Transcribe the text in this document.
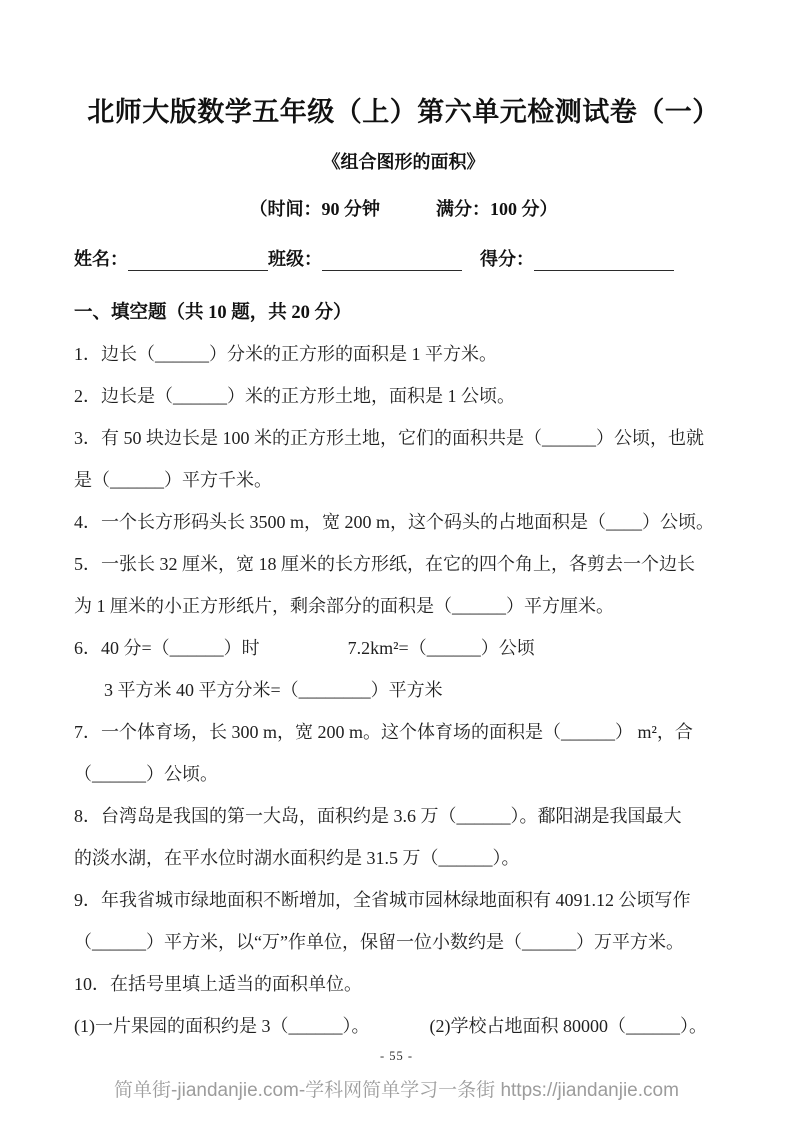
北师大版数学五年级（上）第六单元检测试卷（一）
《组合图形的面积》
（时间：90 分钟	满分：100 分）
姓名：	班级：	得分：
一、填空题（共 10 题，共 20 分）
1．边长（______）分米的正方形的面积是 1 平方米。
2．边长是（______）米的正方形土地，面积是 1 公顷。
3．有 50 块边长是 100 米的正方形土地，它们的面积共是（______）公顷，也就
是（______）平方千米。
4．一个长方形码头长 3500 m，宽 200 m，这个码头的占地面积是（____）公顷。
5．一张长 32 厘米，宽 18 厘米的长方形纸，在它的四个角上，各剪去一个边长
为 1 厘米的小正方形纸片，剩余部分的面积是（______）平方厘米。
6．40 分=（______）时	7.2km²=（______）公顷
3 平方米 40 平方分米=（________）平方米
7．一个体育场，长 300 m，宽 200 m。这个体育场的面积是（______） m²，合
（______）公顷。
8．台湾岛是我国的第一大岛，面积约是 3.6 万（______）。鄱阳湖是我国最大
的淡水湖，在平水位时湖水面积约是 31.5 万（______）。
9．年我省城市绿地面积不断增加，全省城市园林绿地面积有 4091.12 公顷写作
（______）平方米，以“万”作单位，保留一位小数约是（______）万平方米。
10．在括号里填上适当的面积单位。
(1)一片果园的面积约是 3（______）。	(2)学校占地面积 80000（______）。
- 55 -
简单街-jiandanjie.com-学科网简单学习一条街 https://jiandanjie.com
